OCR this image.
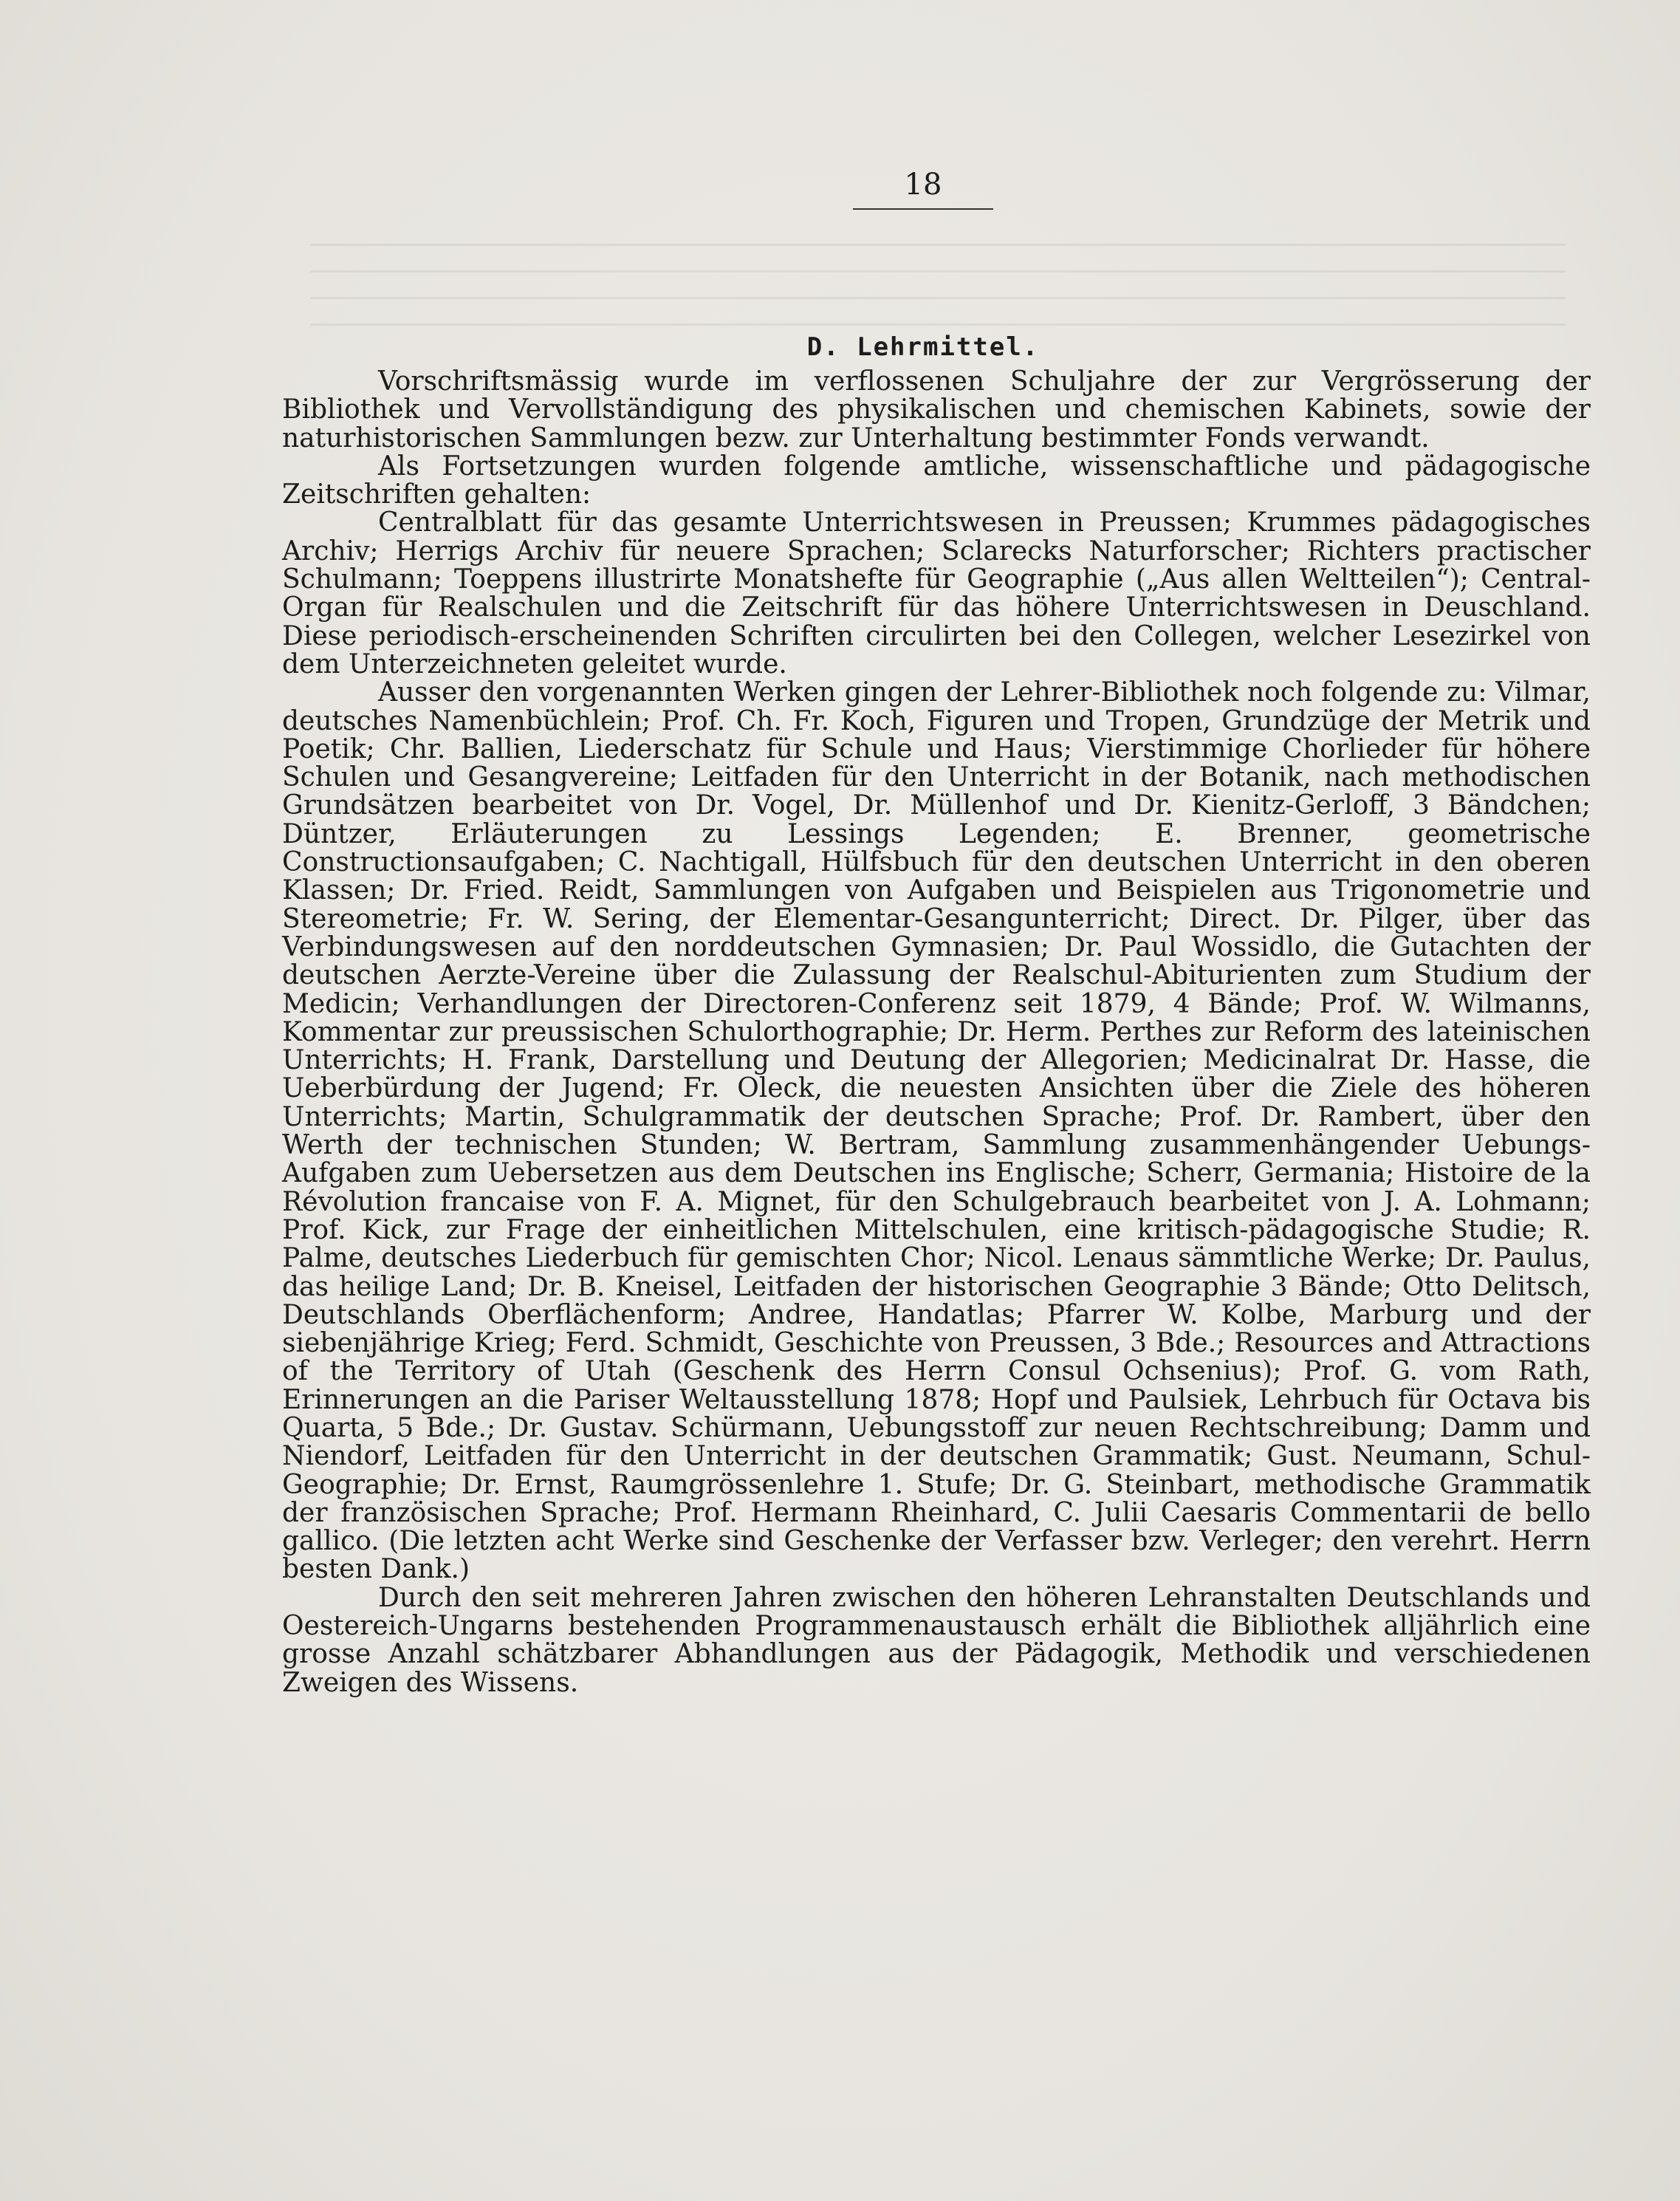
18
D. Lehrmittel.

Vorschriftsmässig wurde im verflossenen Schuljahre der zur Vergrösserung der Bibliothek und Vervollständigung des physikalischen und chemischen Kabinets, sowie der naturhistorischen Sammlungen bezw. zur Unterhaltung bestimmter Fonds verwandt.

Als Fortsetzungen wurden folgende amtliche, wissenschaftliche und pädagogische Zeitschriften gehalten:

Centralblatt für das gesamte Unterrichtswesen in Preussen; Krummes pädagogisches Archiv; Herrigs Archiv für neuere Sprachen; Sclarecks Naturforscher; Richters practischer Schulmann; Toeppens illustrirte Monatshefte für Geographie („Aus allen Weltteilen“); Central-Organ für Realschulen und die Zeitschrift für das höhere Unterrichtswesen in Deuschland. Diese periodisch-erscheinenden Schriften circulirten bei den Collegen, welcher Lesezirkel von dem Unterzeichneten geleitet wurde.

Ausser den vorgenannten Werken gingen der Lehrer-Bibliothek noch folgende zu: Vilmar, deutsches Namenbüchlein; Prof. Ch. Fr. Koch, Figuren und Tropen, Grundzüge der Metrik und Poetik; Chr. Ballien, Liederschatz für Schule und Haus; Vierstimmige Chorlieder für höhere Schulen und Gesangvereine; Leitfaden für den Unterricht in der Botanik, nach methodischen Grundsätzen bearbeitet von Dr. Vogel, Dr. Müllenhof und Dr. Kienitz-Gerloff, 3 Bändchen; Düntzer, Erläuterungen zu Lessings Legenden; E. Brenner, geometrische Constructionsaufgaben; C. Nachtigall, Hülfsbuch für den deutschen Unterricht in den oberen Klassen; Dr. Fried. Reidt, Sammlungen von Aufgaben und Beispielen aus Trigonometrie und Stereometrie; Fr. W. Sering, der Elementar-Gesangunterricht; Direct. Dr. Pilger, über das Verbindungswesen auf den norddeutschen Gymnasien; Dr. Paul Wossidlo, die Gutachten der deutschen Aerzte-Vereine über die Zulassung der Realschul-Abiturienten zum Studium der Medicin; Verhandlungen der Directoren-Conferenz seit 1879, 4 Bände; Prof. W. Wilmanns, Kommentar zur preussischen Schulorthographie; Dr. Herm. Perthes zur Reform des lateinischen Unterrichts; H. Frank, Darstellung und Deutung der Allegorien; Medicinalrat Dr. Hasse, die Ueberbürdung der Jugend; Fr. Oleck, die neuesten Ansichten über die Ziele des höheren Unterrichts; Martin, Schulgrammatik der deutschen Sprache; Prof. Dr. Rambert, über den Werth der technischen Stunden; W. Bertram, Sammlung zusammenhängender Uebungs-Aufgaben zum Uebersetzen aus dem Deutschen ins Englische; Scherr, Germania; Histoire de la Révolution francaise von F. A. Mignet, für den Schulgebrauch bearbeitet von J. A. Lohmann; Prof. Kick, zur Frage der einheitlichen Mittelschulen, eine kritisch-pädagogische Studie; R. Palme, deutsches Liederbuch für gemischten Chor; Nicol. Lenaus sämmtliche Werke; Dr. Paulus, das heilige Land; Dr. B. Kneisel, Leitfaden der historischen Geographie 3 Bände; Otto Delitsch, Deutschlands Oberflächenform; Andree, Handatlas; Pfarrer W. Kolbe, Marburg und der siebenjährige Krieg; Ferd. Schmidt, Geschichte von Preussen, 3 Bde.; Resources and Attractions of the Territory of Utah (Geschenk des Herrn Consul Ochsenius); Prof. G. vom Rath, Erinnerungen an die Pariser Weltausstellung 1878; Hopf und Paulsiek, Lehrbuch für Octava bis Quarta, 5 Bde.; Dr. Gustav. Schürmann, Uebungsstoff zur neuen Rechtschreibung; Damm und Niendorf, Leitfaden für den Unterricht in der deutschen Grammatik; Gust. Neumann, Schul-Geographie; Dr. Ernst, Raumgrössenlehre 1. Stufe; Dr. G. Steinbart, methodische Grammatik der französischen Sprache; Prof. Hermann Rheinhard, C. Julii Caesaris Commentarii de bello gallico. (Die letzten acht Werke sind Geschenke der Verfasser bzw. Verleger; den verehrt. Herrn besten Dank.)

Durch den seit mehreren Jahren zwischen den höheren Lehranstalten Deutschlands und Oestereich-Ungarns bestehenden Programmenaustausch erhält die Bibliothek alljährlich eine grosse Anzahl schätzbarer Abhandlungen aus der Pädagogik, Methodik und verschiedenen Zweigen des Wissens.
